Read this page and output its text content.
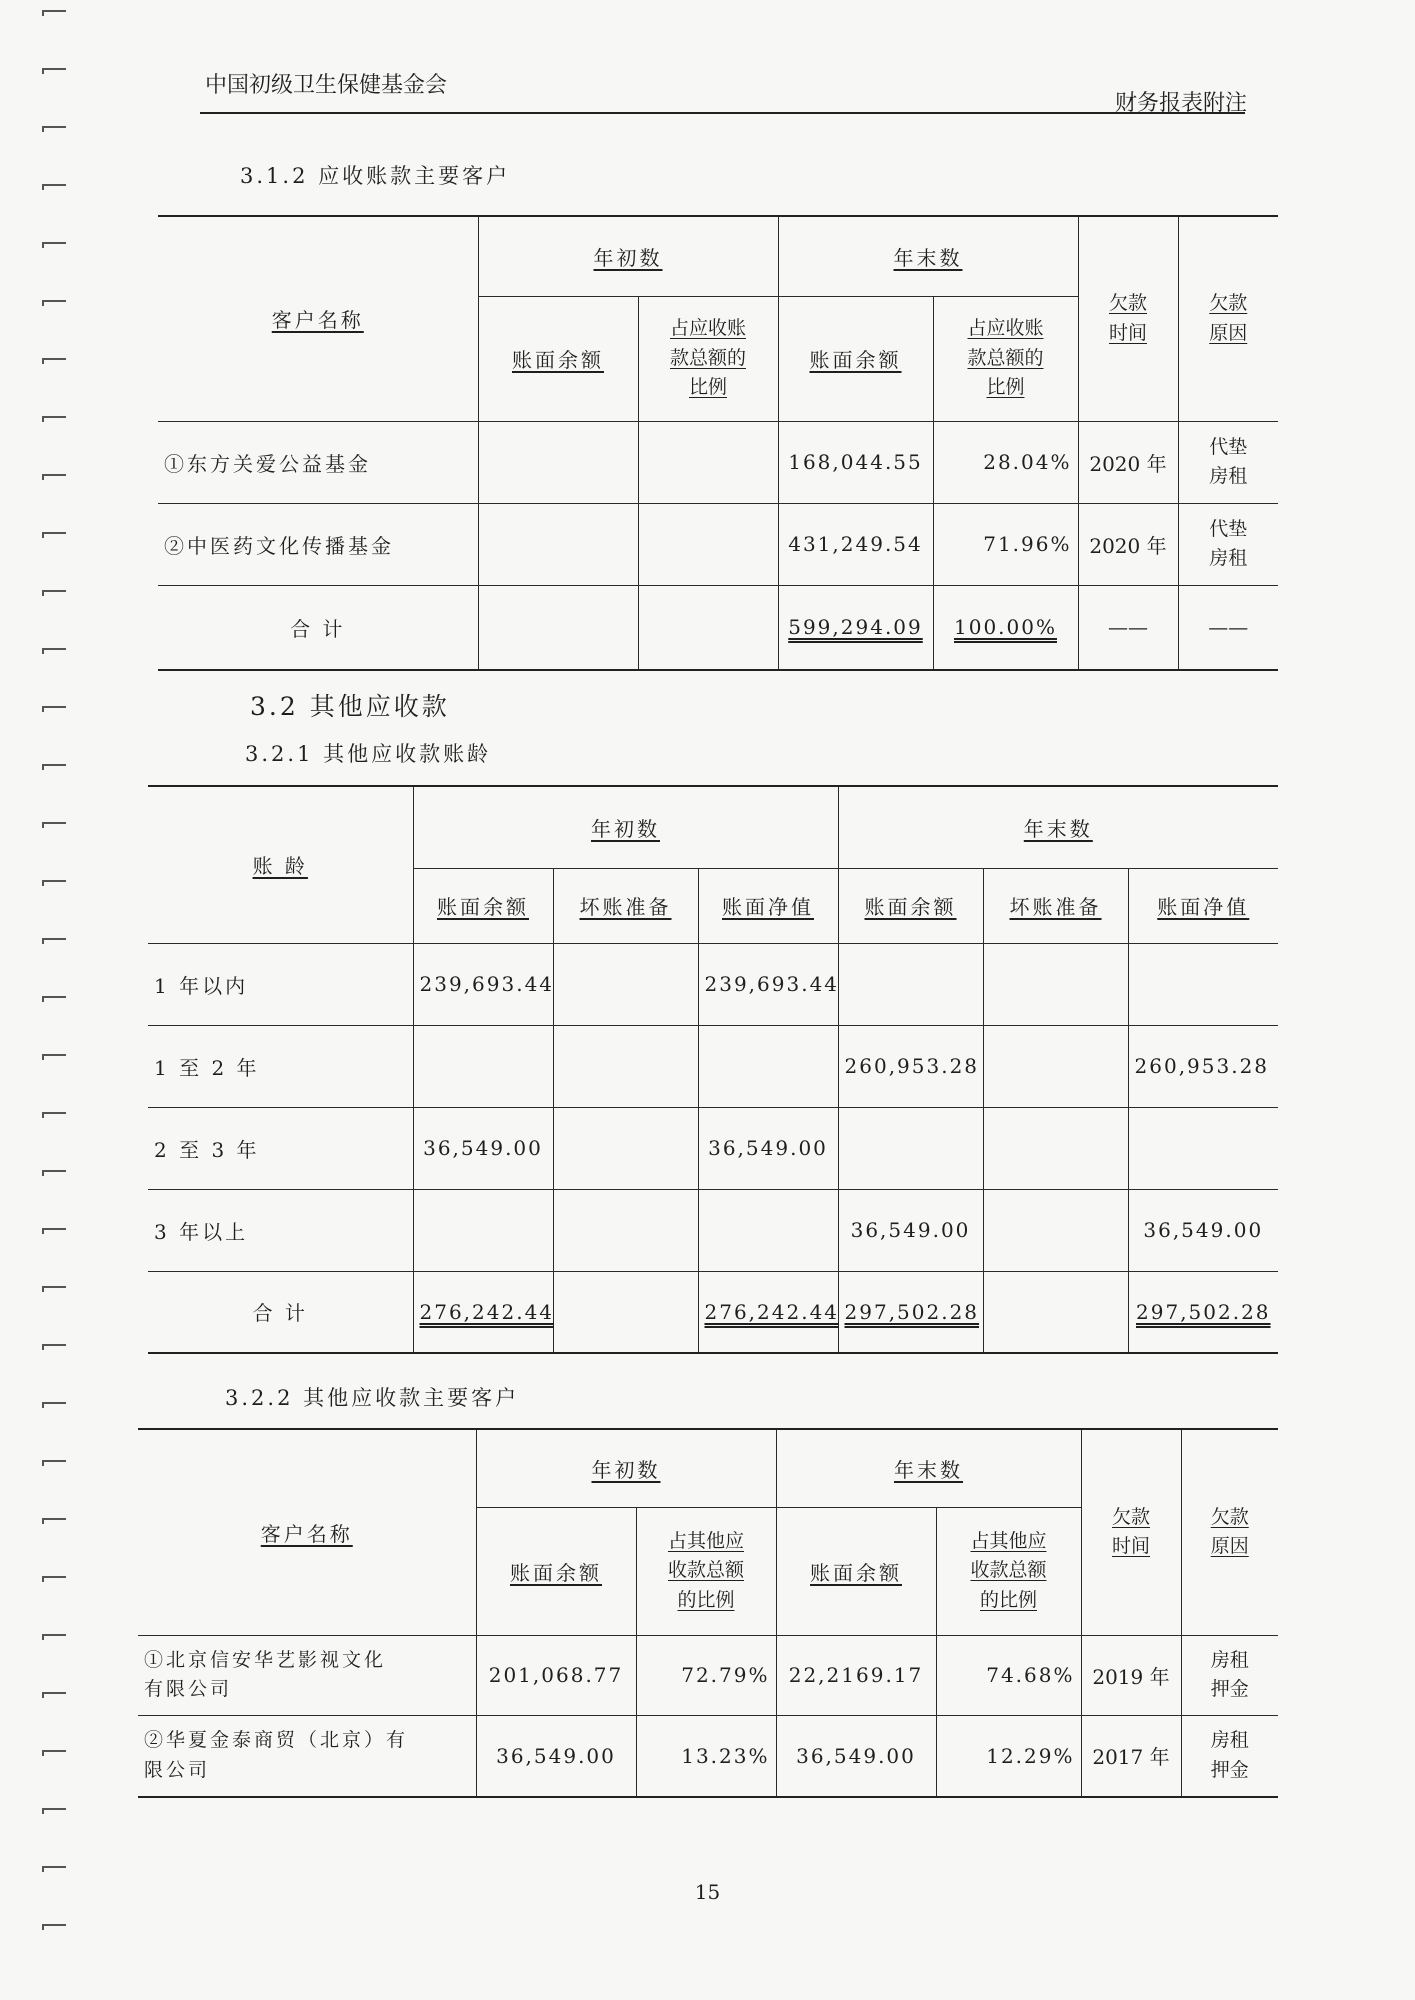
中国初级卫生保健基金会
财务报表附注
3.1.2 应收账款主要客户
客户名称	年初数		年末数		欠款
时间	欠款
原因
	账面余额	占应收账
款总额的
比例	账面余额	占应收账
款总额的
比例		
①东方关爱公益基金			168,044.55	28.04%	2020 年	代垫
房租
②中医药文化传播基金			431,249.54	71.96%	2020 年	代垫
房租
合 计			599,294.09	100.00%	——	——
3.2 其他应收款
3.2.1 其他应收款账龄
账 龄	年初数			年末数		
	账面余额	坏账准备	账面净值	账面余额	坏账准备	账面净值
1 年以内	239,693.44		239,693.44			
1 至 2 年				260,953.28		260,953.28
2 至 3 年	36,549.00		36,549.00			
3 年以上				36,549.00		36,549.00
合 计	276,242.44		276,242.44	297,502.28		297,502.28
3.2.2 其他应收款主要客户
客户名称	年初数		年末数		欠款
时间	欠款
原因
	账面余额	占其他应
收款总额
的比例	账面余额	占其他应
收款总额
的比例		
①北京信安华艺影视文化
有限公司	201,068.77	72.79%	22,2169.17	74.68%	2019 年	房租
押金
②华夏金泰商贸（北京）有
限公司	36,549.00	13.23%	36,549.00	12.29%	2017 年	房租
押金
15
